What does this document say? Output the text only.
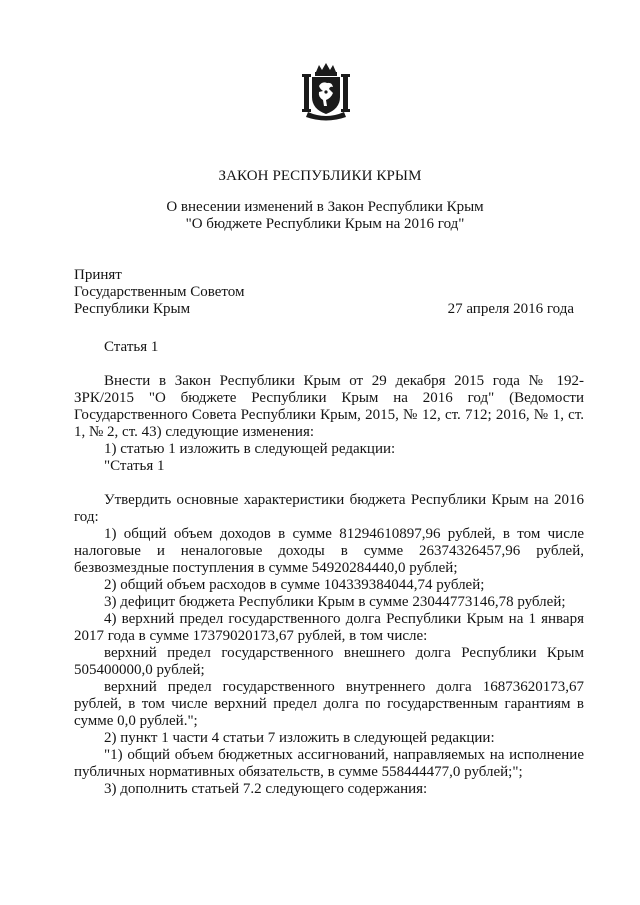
ЗАКОН РЕСПУБЛИКИ КРЫМ
О внесении изменений в Закон Республики Крым
"О бюджете Республики Крым на 2016 год"
Принят
Государственным Советом
Республики Крым	27 апреля 2016 года
Статья 1

Внести в Закон Республики Крым от 29 декабря 2015 года № 192-ЗРК/2015 "О бюджете Республики Крым на 2016 год" (Ведомости Государственного Совета Республики Крым, 2015, № 12, ст. 712; 2016, № 1, ст. 1, № 2, ст. 43) следующие изменения:

1) статью 1 изложить в следующей редакции:

"Статья 1

Утвердить основные характеристики бюджета Республики Крым на 2016 год:

1) общий объем доходов в сумме 81294610897,96 рублей, в том числе налоговые и неналоговые доходы в сумме 26374326457,96 рублей, безвозмездные поступления в сумме 54920284440,0 рублей;

2) общий объем расходов в сумме 104339384044,74 рублей;

3) дефицит бюджета Республики Крым в сумме 23044773146,78 рублей;

4) верхний предел государственного долга Республики Крым на 1 января 2017 года в сумме 17379020173,67 рублей, в том числе:

верхний предел государственного внешнего долга Республики Крым 505400000,0 рублей;

верхний предел государственного внутреннего долга 16873620173,67 рублей, в том числе верхний предел долга по государственным гарантиям в сумме 0,0 рублей.";

2) пункт 1 части 4 статьи 7 изложить в следующей редакции:

"1) общий объем бюджетных ассигнований, направляемых на исполнение публичных нормативных обязательств, в сумме 558444477,0 рублей;";

3) дополнить статьей 7.2 следующего содержания:
